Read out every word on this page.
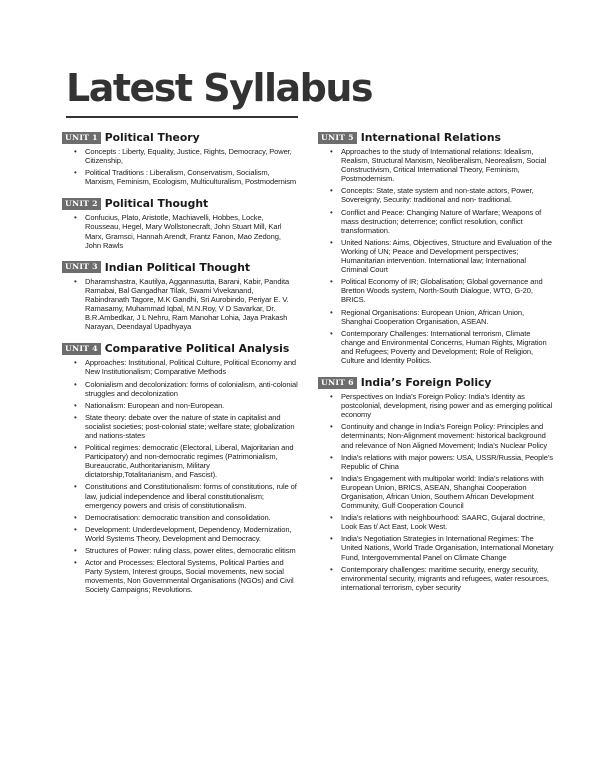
Latest Syllabus
UNIT 1 Political Theory
• Concepts : Liberty, Equality, Justice, Rights, Democracy, Power, Citizenship,
• Political Traditions : Liberalism, Conservatism, Socialism, Marxism, Feminism, Ecologism, Multiculturalism, Postmodernism
UNIT 2 Political Thought
• Confucius, Plato, Aristotle, Machiavelli, Hobbes, Locke, Rousseau, Hegel, Mary Wollstonecraft, John Stuart Mill, Karl Marx, Gramsci, Hannah Arendt, Frantz Fanon, Mao Zedong, John Rawls
UNIT 3 Indian Political Thought
• Dharamshastra, Kautilya, Aggannasutta, Barani, Kabir, Pandita Ramabai, Bal Gangadhar Tilak, Swami Vivekanand, Rabindranath Tagore, M.K Gandhi, Sri Aurobindo, Periyar E. V. Ramasamy, Muhammad Iqbal, M.N.Roy, V D Savarkar, Dr. B.R.Ambedkar, J L Nehru, Ram Manohar Lohia, Jaya Prakash Narayan, Deendayal Upadhyaya
UNIT 4 Comparative Political Analysis
• Approaches: Institutional, Political Culture, Political Economy and New Institutionalism; Comparative Methods
• Colonialism and decolonization: forms of colonialism, anti-colonial struggles and decolonization
• Nationalism: European and non-European.
• State theory: debate over the nature of state in capitalist and socialist societies; post-colonial state; welfare state; globalization and nations-states
• Political regimes: democratic (Electoral, Liberal, Majoritarian and Participatory) and non-democratic regimes (Patrimonialism, Bureaucratic, Authoritarianism, Military dictatorship,Totalitarianism, and Fascist).
• Constitutions and Constitutionalism: forms of constitutions, rule of law, judicial independence and liberal constitutionalism; emergency powers and crisis of constitutionalism.
• Democratisation: democratic transition and consolidation.
• Development: Underdevelopment, Dependency, Modernization, World Systems Theory, Development and Democracy.
• Structures of Power: ruling class, power elites, democratic elitism
• Actor and Processes: Electoral Systems, Political Parties and Party System, Interest groups, Social movements, new social movements, Non Governmental Organisations (NGOs) and Civil Society Campaigns; Revolutions.
UNIT 5 International Relations
• Approaches to the study of International relations: Idealism, Realism, Structural Marxism, Neoliberalism, Neorealism, Social Constructivism, Critical International Theory, Feminism, Postmodernism.
• Concepts: State, state system and non-state actors, Power, Sovereignty, Security: traditional and non- traditional.
• Conflict and Peace: Changing Nature of Warfare; Weapons of mass destruction; deterrence; conflict resolution, conflict transformation.
• United Nations: Aims, Objectives, Structure and Evaluation of the Working of UN; Peace and Development perspectives; Humanitarian intervention. International law; International Criminal Court
• Political Economy of IR; Globalisation; Global governance and Bretton Woods system, North-South Dialogue, WTO, G-20, BRICS.
• Regional Organisations: European Union, African Union, Shanghai Cooperation Organisation, ASEAN.
• Contemporary Challenges: International terrorism, Climate change and Environmental Concerns, Human Rights, Migration and Refugees; Poverty and Development; Role of Religion, Culture and Identity Politics.
UNIT 6 India’s Foreign Policy
• Perspectives on India’s Foreign Policy: India’s Identity as postcolonial, development, rising power and as emerging political economy
• Continuity and change in India’s Foreign Policy: Principles and determinants; Non-Alignment movement: historical background and relevance of Non Aligned Movement; India’s Nuclear Policy
• India’s relations with major powers: USA, USSR/Russia, People’s Republic of China
• India’s Engagement with multipolar world: India’s relations with European Union, BRICS, ASEAN, Shanghai Cooperation Organisation, African Union, Southern African Development Community, Gulf Cooperation Council
• India’s relations with neighbourhood: SAARC, Gujaral doctrine, Look Eas t/ Act East, Look West.
• India’s Negotiation Strategies in International Regimes: The United Nations, World Trade Organisation, International Monetary Fund, Intergovernmental Panel on Climate Change
• Contemporary challenges: maritime security, energy security, environmental security, migrants and refugees, water resources, international terrorism, cyber security
